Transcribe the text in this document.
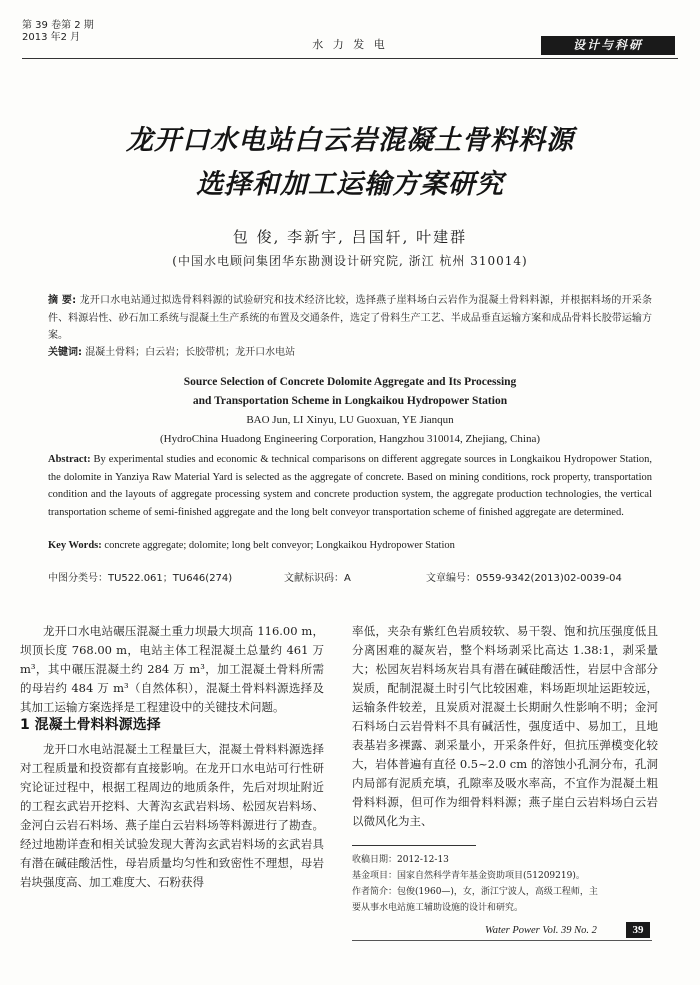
第 39 卷第 2 期
2013 年2 月
水 力 发 电	设计与科研
龙开口水电站白云岩混凝土骨料料源
选择和加工运输方案研究
包 俊, 李新宇, 吕国轩, 叶建群
(中国水电顾问集团华东勘测设计研究院, 浙江 杭州 310014)
摘 要: 龙开口水电站通过拟选骨料料源的试验研究和技术经济比较，选择燕子崖料场白云岩作为混凝土骨料料源，并根据料场的开采条件、料源岩性、砂石加工系统与混凝土生产系统的布置及交通条件，选定了骨料生产工艺、半成品垂直运输方案和成品骨料长胶带运输方案。
关键词: 混凝土骨料；白云岩；长胶带机；龙开口水电站
Source Selection of Concrete Dolomite Aggregate and Its Processing
and Transportation Scheme in Longkaikou Hydropower Station
BAO Jun, LI Xinyu, LU Guoxuan, YE Jianqun
(HydroChina Huadong Engineering Corporation, Hangzhou 310014, Zhejiang, China)
Abstract: By experimental studies and economic & technical comparisons on different aggregate sources in Longkaikou Hydropower Station, the dolomite in Yanziya Raw Material Yard is selected as the aggregate of concrete. Based on mining conditions, rock property, transportation condition and the layouts of aggregate processing system and concrete production system, the aggregate production technologies, the vertical transportation scheme of semi-finished aggregate and the long belt conveyor transportation scheme of finished aggregate are determined.
Key Words: concrete aggregate; dolomite; long belt conveyor; Longkaikou Hydropower Station
中图分类号：TU522.061；TU646(274)	文献标识码：A	文章编号：0559-9342(2013)02-0039-04

龙开口水电站碾压混凝土重力坝最大坝高 116.00 m，坝顶长度 768.00 m，电站主体工程混凝土总量约 461 万 m³，其中碾压混凝土约 284 万 m³，加工混凝土骨料所需的母岩约 484 万 m³（自然体积），混凝土骨料料源选择及其加工运输方案选择是工程建设中的关键技术问题。

1 混凝土骨料料源选择

龙开口水电站混凝土工程量巨大，混凝土骨料料源选择对工程质量和投资都有直接影响。在龙开口水电站可行性研究论证过程中，根据工程周边的地质条件，先后对坝址附近的工程玄武岩开挖料、大菁沟玄武岩料场、松园灰岩料场、金河白云岩石料场、燕子崖白云岩料场等料源进行了勘查。经过地勘详查和相关试验发现大菁沟玄武岩料场的玄武岩具有潜在碱硅酸活性，母岩质量均匀性和致密性不理想，母岩岩块强度高、加工难度大、石粉获得

率低，夹杂有紫红色岩质较软、易干裂、饱和抗压强度低且分离困难的凝灰岩，整个料场剥采比高达 1.38:1，剥采量大；松园灰岩料场灰岩具有潜在碱硅酸活性，岩层中含部分炭质，配制混凝土时引气比较困难，料场距坝址运距较远，运输条件较差，且炭质对混凝土长期耐久性影响不明；金河石料场白云岩骨料不具有碱活性，强度适中、易加工，且地表基岩多裸露、剥采量小，开采条件好，但抗压弹模变化较大，岩体普遍有直径 0.5~2.0 cm 的溶蚀小孔洞分布，孔洞内局部有泥质充填，孔隙率及吸水率高，不宜作为混凝土粗骨料料源，但可作为细骨料料源；燕子崖白云岩料场白云岩以微风化为主、

收稿日期：2012-12-13

基金项目：国家自然科学青年基金资助项目(51209219)。

作者简介：包俊(1960—)，女，浙江宁波人，高级工程师，主

要从事水电站施工辅助设施的设计和研究。

Water Power Vol. 39 No. 2	39
